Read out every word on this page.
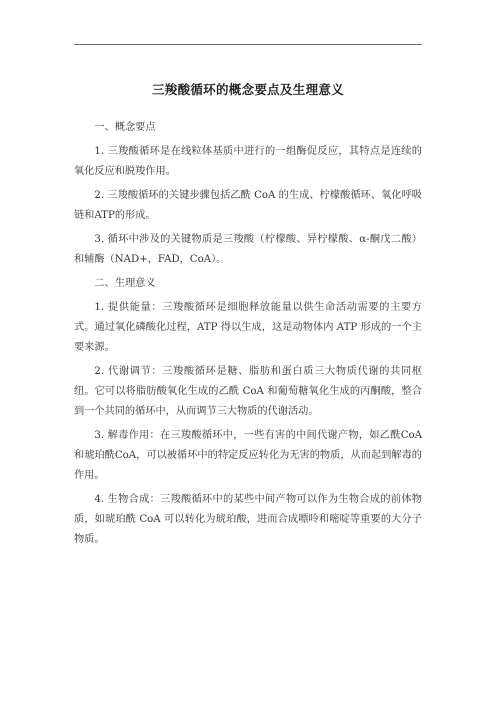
三羧酸循环的概念要点及生理意义

一、概念要点

1. 三羧酸循环是在线粒体基质中进行的一组酶促反应，其特点是连续的氧化反应和脱羧作用。

2. 三羧酸循环的关键步骤包括乙酰 CoA 的生成、柠檬酸循环、氧化呼吸链和ATP的形成。

3. 循环中涉及的关键物质是三羧酸（柠檬酸、异柠檬酸、α-酮戊二酸）和辅酶（NAD+，FAD，CoA）。

二、生理意义

1. 提供能量：三羧酸循环是细胞释放能量以供生命活动需要的主要方式。通过氧化磷酸化过程，ATP 得以生成，这是动物体内 ATP 形成的一个主要来源。

2. 代谢调节：三羧酸循环是糖、脂肪和蛋白质三大物质代谢的共同枢纽。它可以将脂肪酸氧化生成的乙酰 CoA 和葡萄糖氧化生成的丙酮酸，整合到一个共同的循环中，从而调节三大物质的代谢活动。

3. 解毒作用：在三羧酸循环中，一些有害的中间代谢产物，如乙酰CoA和琥珀酰CoA，可以被循环中的特定反应转化为无害的物质，从而起到解毒的作用。

4. 生物合成：三羧酸循环中的某些中间产物可以作为生物合成的前体物质，如琥珀酰 CoA 可以转化为琥珀酸，进而合成嘌呤和嘧啶等重要的大分子物质。
